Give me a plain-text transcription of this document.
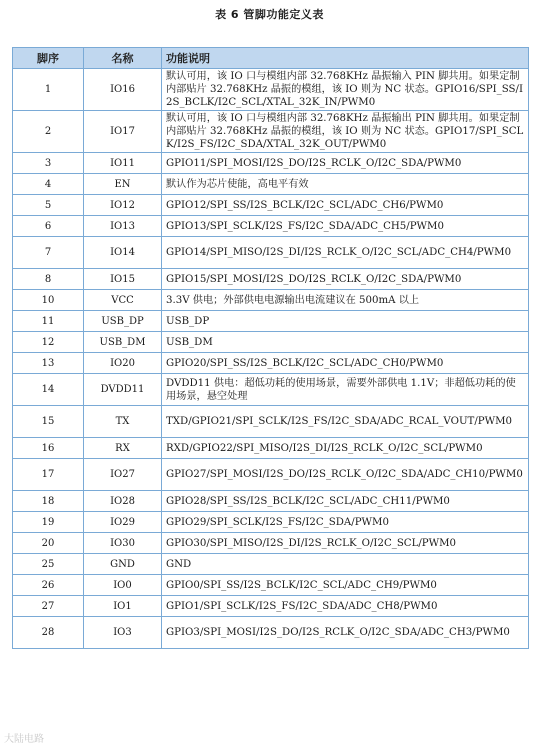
表 6 管脚功能定义表
脚序	名称	功能说明
1	IO16	默认可用，该 IO 口与模组内部 32.768KHz 晶振输入 PIN 脚共用。如果定制内部贴片 32.768KHz 晶振的模组，该 IO 则为 NC 状态。GPIO16/SPI_SS/I2S_BCLK/I2C_SCL/XTAL_32K_IN/PWM0
2	IO17	默认可用，该 IO 口与模组内部 32.768KHz 晶振输出 PIN 脚共用。如果定制内部贴片 32.768KHz 晶振的模组，该 IO 则为 NC 状态。GPIO17/SPI_SCLK/I2S_FS/I2C_SDA/XTAL_32K_OUT/PWM0
3	IO11	GPIO11/SPI_MOSI/I2S_DO/I2S_RCLK_O/I2C_SDA/PWM0
4	EN	默认作为芯片使能，高电平有效
5	IO12	GPIO12/SPI_SS/I2S_BCLK/I2C_SCL/ADC_CH6/PWM0
6	IO13	GPIO13/SPI_SCLK/I2S_FS/I2C_SDA/ADC_CH5/PWM0
7	IO14	GPIO14/SPI_MISO/I2S_DI/I2S_RCLK_O/I2C_SCL/ADC_CH4/PWM0
8	IO15	GPIO15/SPI_MOSI/I2S_DO/I2S_RCLK_O/I2C_SDA/PWM0
10	VCC	3.3V 供电；外部供电电源输出电流建议在 500mA 以上
11	USB_DP	USB_DP
12	USB_DM	USB_DM
13	IO20	GPIO20/SPI_SS/I2S_BCLK/I2C_SCL/ADC_CH0/PWM0
14	DVDD11	DVDD11 供电：超低功耗的使用场景，需要外部供电 1.1V；非超低功耗的使用场景，悬空处理
15	TX	TXD/GPIO21/SPI_SCLK/I2S_FS/I2C_SDA/ADC_RCAL_VOUT/PWM0
16	RX	RXD/GPIO22/SPI_MISO/I2S_DI/I2S_RCLK_O/I2C_SCL/PWM0
17	IO27	GPIO27/SPI_MOSI/I2S_DO/I2S_RCLK_O/I2C_SDA/ADC_CH10/PWM0
18	IO28	GPIO28/SPI_SS/I2S_BCLK/I2C_SCL/ADC_CH11/PWM0
19	IO29	GPIO29/SPI_SCLK/I2S_FS/I2C_SDA/PWM0
20	IO30	GPIO30/SPI_MISO/I2S_DI/I2S_RCLK_O/I2C_SCL/PWM0
25	GND	GND
26	IO0	GPIO0/SPI_SS/I2S_BCLK/I2C_SCL/ADC_CH9/PWM0
27	IO1	GPIO1/SPI_SCLK/I2S_FS/I2C_SDA/ADC_CH8/PWM0
28	IO3	GPIO3/SPI_MOSI/I2S_DO/I2S_RCLK_O/I2C_SDA/ADC_CH3/PWM0
大陆电路
